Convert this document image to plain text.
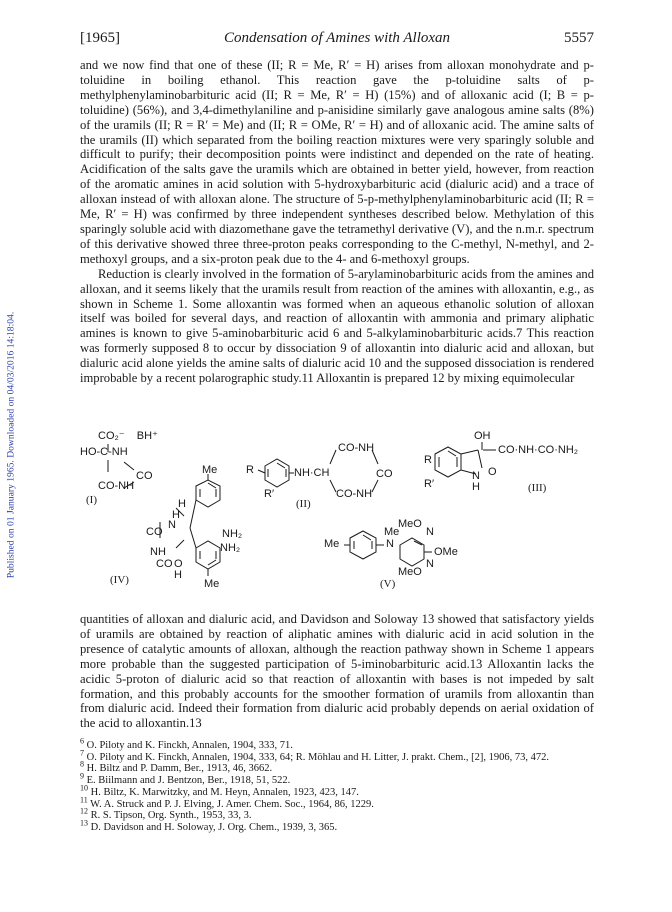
Published on 01 January 1965. Downloaded on 04/03/2016 14:18:04.
[1965]	Condensation of Amines with Alloxan	5557

and we now find that one of these (II; R = Me, R′ = H) arises from alloxan monohydrate and p-toluidine in boiling ethanol. This reaction gave the p-toluidine salts of p-methylphenylaminobarbituric acid (II; R = Me, R′ = H) (15%) and of alloxanic acid (I; B = p-toluidine) (56%), and 3,4-dimethylaniline and p-anisidine similarly gave analogous amine salts (8%) of the uramils (II; R = R′ = Me) and (II; R = OMe, R′ = H) and of alloxanic acid. The amine salts of the uramils (II) which separated from the boiling reaction mixtures were very sparingly soluble and difficult to purify; their decomposition points were indistinct and depended on the rate of heating. Acidification of the salts gave the uramils which are obtained in better yield, however, from reaction of the aromatic amines in acid solution with 5-hydroxybarbituric acid (dialuric acid) and a trace of alloxan instead of with alloxan alone. The structure of 5-p-methylphenylaminobarbituric acid (II; R = Me, R′ = H) was confirmed by three independent syntheses described below. Methylation of this sparingly soluble acid with diazomethane gave the tetramethyl derivative (V), and the n.m.r. spectrum of this derivative showed three three-proton peaks corresponding to the C-methyl, N-methyl, and 2-methoxyl groups, and a six-proton peak due to the 4- and 6-methoxyl groups.

Reduction is clearly involved in the formation of 5-arylaminobarbituric acids from the amines and alloxan, and it seems likely that the uramils result from reaction of the amines with alloxantin, e.g., as shown in Scheme 1. Some alloxantin was formed when an aqueous ethanolic solution of alloxan itself was boiled for several days, and reaction of alloxantin with ammonia and primary aliphatic amines is known to give 5-aminobarbituric acid 6 and 5-alkylaminobarbituric acids.7 This reaction was formerly supposed 8 to occur by dissociation 9 of alloxantin into dialuric acid and alloxan, but dialuric acid alone yields the amine salts of dialuric acid 10 and the supposed dissociation is rendered improbable by a recent polarographic study.11 Alloxantin is prepared 12 by mixing equimolecular

CO₂⁻    BH⁺
HO-C-NH
CO
CO-NH
(I)
R
R′
NH·CH
CO-NH
CO
CO-NH
(II)
R
R′
OH
CO·NH·CO·NH₂
N O
H	(III)
Me
H
H
N
CO	NH₂
NH₂
NH
CO O
H
Me
(IV)
Me
Me
N
MeO
N
OMe
N
MeO
(V)

quantities of alloxan and dialuric acid, and Davidson and Soloway 13 showed that satisfactory yields of uramils are obtained by reaction of aliphatic amines with dialuric acid in acid solution in the presence of catalytic amounts of alloxan, although the reaction pathway shown in Scheme 1 appears more probable than the suggested participation of 5-iminobarbituric acid.13 Alloxantin lacks the acidic 5-proton of dialuric acid so that reaction of alloxantin with bases is not impeded by salt formation, and this probably accounts for the smoother formation of uramils from alloxantin than from dialuric acid. Indeed their formation from dialuric acid probably depends on aerial oxidation of the acid to alloxantin.13

$^6$ O. Piloty and K. Finckh, Annalen, 1904, 333, 71.
$^7$ O. Piloty and K. Finckh, Annalen, 1904, 333, 64; R. Möhlau and H. Litter, J. prakt. Chem., [2], 1906, 73, 472.
$^8$ H. Biltz and P. Damm, Ber., 1913, 46, 3662.
$^9$ E. Biilmann and J. Bentzon, Ber., 1918, 51, 522.
$^{10}$ H. Biltz, K. Marwitzky, and M. Heyn, Annalen, 1923, 423, 147.
$^{11}$ W. A. Struck and P. J. Elving, J. Amer. Chem. Soc., 1964, 86, 1229.
$^{12}$ R. S. Tipson, Org. Synth., 1953, 33, 3.
$^{13}$ D. Davidson and H. Soloway, J. Org. Chem., 1939, 3, 365.
